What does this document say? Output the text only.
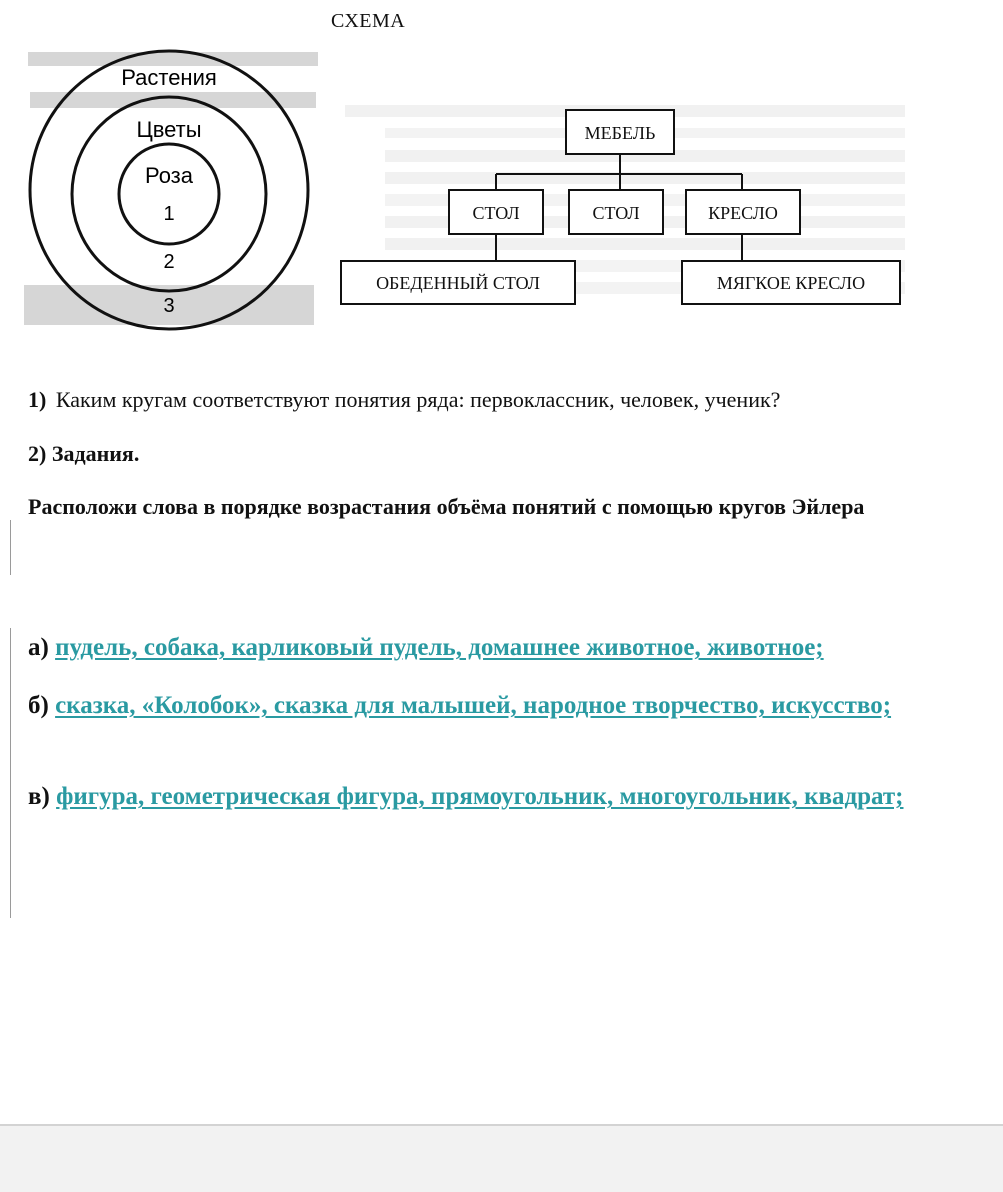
СХЕМА
Растения
Цветы
Роза
1
2
3
МЕБЕЛЬ
СТОЛ	СТОЛ	КРЕСЛО
ОБЕДЕННЫЙ СТОЛ	МЯГКОЕ КРЕСЛО
1) Каким кругам соответствуют понятия ряда: первоклассник, человек, ученик?
2) Задания.
Расположи слова в порядке возрастания объёма понятий с помощью кругов Эйлера
а) пудель, собака, карликовый пудель, домашнее животное, животное;
б) сказка, «Колобок», сказка для малышей, народное творчество, искусство;
в) фигура, геометрическая фигура, прямоугольник, многоугольник, квадрат;
